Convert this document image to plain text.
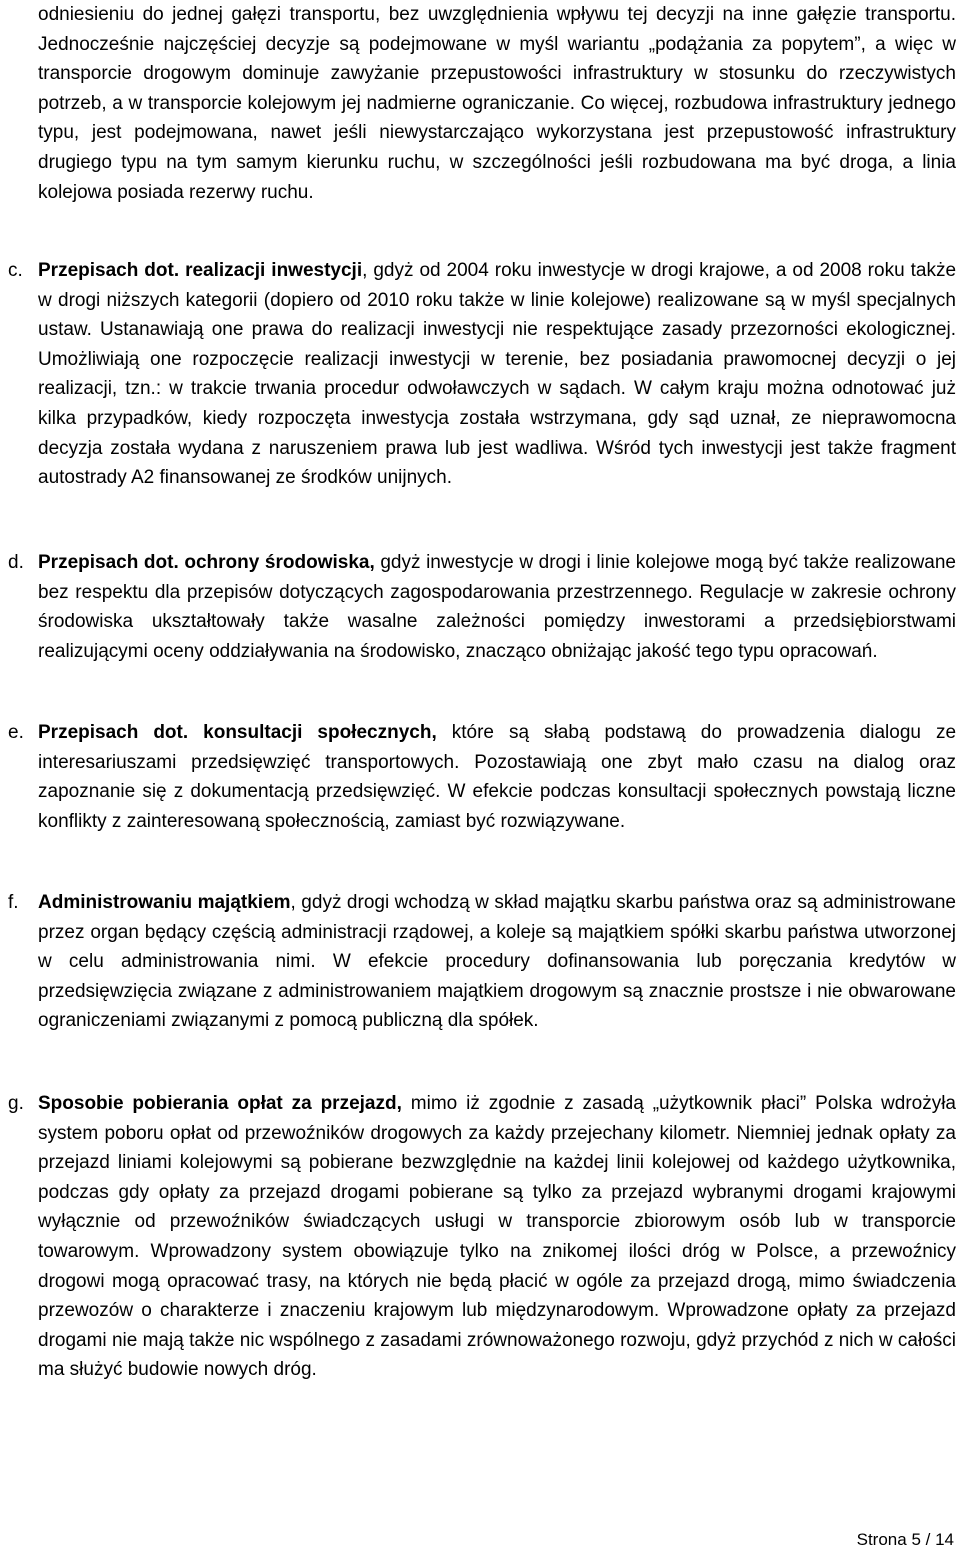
odniesieniu do jednej gałęzi transportu, bez uwzględnienia wpływu tej decyzji na inne gałęzie transportu. Jednocześnie najczęściej decyzje są podejmowane w myśl wariantu „podążania za popytem”, a więc w transporcie drogowym dominuje zawyżanie przepustowości infrastruktury w stosunku do rzeczywistych potrzeb, a w transporcie kolejowym jej nadmierne ograniczanie. Co więcej, rozbudowa infrastruktury jednego typu, jest podejmowana, nawet jeśli niewystarczająco wykorzystana jest przepustowość infrastruktury drugiego typu na tym samym kierunku ruchu, w szczególności jeśli rozbudowana ma być droga, a linia kolejowa posiada rezerwy ruchu.

c. Przepisach dot. realizacji inwestycji, gdyż od 2004 roku inwestycje w drogi krajowe, a od 2008 roku także w drogi niższych kategorii (dopiero od 2010 roku także w linie kolejowe) realizowane są w myśl specjalnych ustaw. Ustanawiają one prawa do realizacji inwestycji nie respektujące zasady przezorności ekologicznej. Umożliwiają one rozpoczęcie realizacji inwestycji w terenie, bez posiadania prawomocnej decyzji o jej realizacji, tzn.: w trakcie trwania procedur odwoławczych w sądach. W całym kraju można odnotować już kilka przypadków, kiedy rozpoczęta inwestycja została wstrzymana, gdy sąd uznał, ze nieprawomocna decyzja została wydana z naruszeniem prawa lub jest wadliwa. Wśród tych inwestycji jest także fragment autostrady A2 finansowanej ze środków unijnych.

d. Przepisach dot. ochrony środowiska, gdyż inwestycje w drogi i linie kolejowe mogą być także realizowane bez respektu dla przepisów dotyczących zagospodarowania przestrzennego. Regulacje w zakresie ochrony środowiska ukształtowały także wasalne zależności pomiędzy inwestorami a przedsiębiorstwami realizującymi oceny oddziaływania na środowisko, znacząco obniżając jakość tego typu opracowań.

e. Przepisach dot. konsultacji społecznych, które są słabą podstawą do prowadzenia dialogu ze interesariuszami przedsięwzięć transportowych. Pozostawiają one zbyt mało czasu na dialog oraz zapoznanie się z dokumentacją przedsięwzięć. W efekcie podczas konsultacji społecznych powstają liczne konflikty z zainteresowaną społecznością, zamiast być rozwiązywane.

f. Administrowaniu majątkiem, gdyż drogi wchodzą w skład majątku skarbu państwa oraz są administrowane przez organ będący częścią administracji rządowej, a koleje są majątkiem spółki skarbu państwa utworzonej w celu administrowania nimi. W efekcie procedury dofinansowania lub poręczania kredytów w przedsięwzięcia związane z administrowaniem majątkiem drogowym są znacznie prostsze i nie obwarowane ograniczeniami związanymi z pomocą publiczną dla spółek.

g. Sposobie pobierania opłat za przejazd, mimo iż zgodnie z zasadą „użytkownik płaci” Polska wdrożyła system poboru opłat od przewoźników drogowych za każdy przejechany kilometr. Niemniej jednak opłaty za przejazd liniami kolejowymi są pobierane bezwzględnie na każdej linii kolejowej od każdego użytkownika, podczas gdy opłaty za przejazd drogami pobierane są tylko za przejazd wybranymi drogami krajowymi wyłącznie od przewoźników świadczących usługi w transporcie zbiorowym osób lub w transporcie towarowym. Wprowadzony system obowiązuje tylko na znikomej ilości dróg w Polsce, a przewoźnicy drogowi mogą opracować trasy, na których nie będą płacić w ogóle za przejazd drogą, mimo świadczenia przewozów o charakterze i znaczeniu krajowym lub międzynarodowym. Wprowadzone opłaty za przejazd drogami nie mają także nic wspólnego z zasadami zrównoważonego rozwoju, gdyż przychód z nich w całości ma służyć budowie nowych dróg.

Strona 5 / 14
